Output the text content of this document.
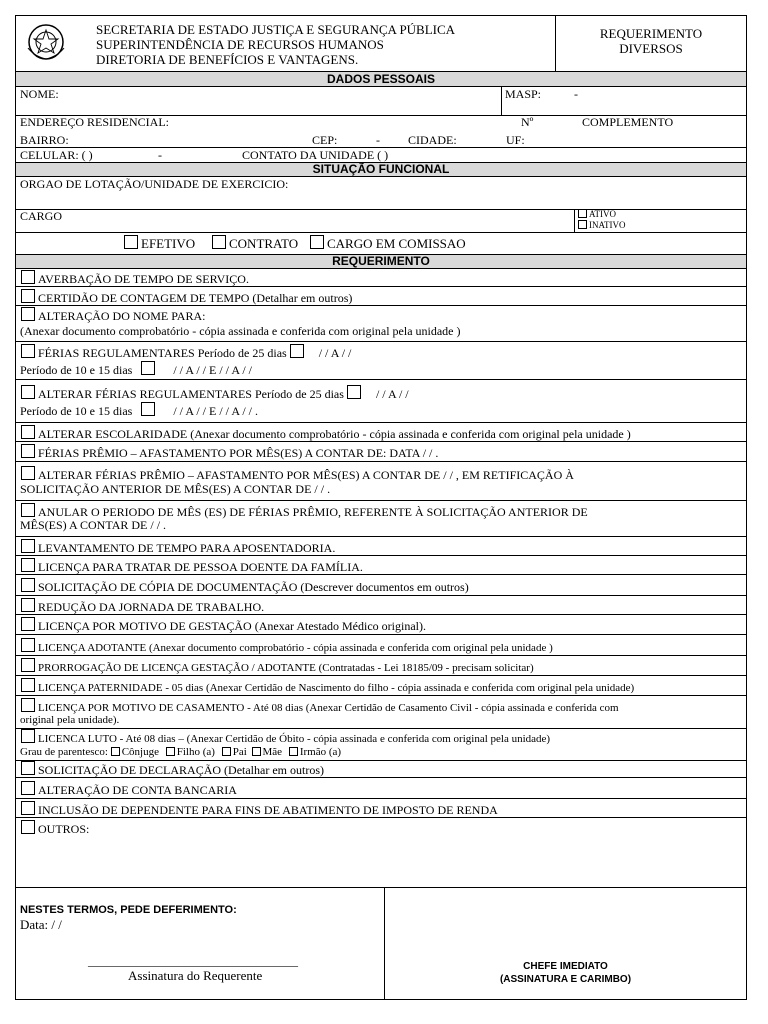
SECRETARIA DE ESTADO JUSTIÇA E SEGURANÇA PÚBLICA
SUPERINTENDÊNCIA DE RECURSOS HUMANOS
DIRETORIA DE BENEFÍCIOS E VANTAGENS.
REQUERIMENTO
DIVERSOS
DADOS PESSOAIS
NOME:	MASP:	-
ENDEREÇO RESIDENCIAL:	Nº	COMPLEMENTO
BAIRRO:	CEP:	- CIDADE:	UF:
CELULAR: ( )	-	CONTATO DA UNIDADE ( )
SITUAÇÃO FUNCIONAL
ORGAO DE LOTAÇÃO/UNIDADE DE EXERCICIO:
CARGO	ATIVO
INATIVO
EFETIVO	CONTRATO	CARGO EM COMISSAO
REQUERIMENTO
AVERBAÇÃO DE TEMPO DE SERVIÇO.
CERTIDÃO DE CONTAGEM DE TEMPO (Detalhar em outros)
ALTERAÇÃO DO NOME PARA:
(Anexar documento comprobatório - cópia assinada e conferida com original pela unidade )
FÉRIAS REGULAMENTARES Período de 25 dias	/ / A / /
Período de 10 e 15 dias	/ / A / / E / / A / /
ALTERAR FÉRIAS REGULAMENTARES Período de 25 dias	/ / A / /
Período de 10 e 15 dias	/ / A / / E / / A / / .
ALTERAR ESCOLARIDADE (Anexar documento comprobatório - cópia assinada e conferida com original pela unidade )
FÉRIAS PRÊMIO – AFASTAMENTO POR MÊS(ES) A CONTAR DE: DATA / / .
ALTERAR FÉRIAS PRÊMIO – AFASTAMENTO POR MÊS(ES) A CONTAR DE / / , EM RETIFICAÇÃO À
SOLICITAÇÃO ANTERIOR DE MÊS(ES) A CONTAR DE / / .
ANULAR O PERIODO DE MÊS (ES) DE FÉRIAS PRÊMIO, REFERENTE À SOLICITAÇÃO ANTERIOR DE
MÊS(ES) A CONTAR DE / / .
LEVANTAMENTO DE TEMPO PARA APOSENTADORIA.
LICENÇA PARA TRATAR DE PESSOA DOENTE DA FAMÍLIA.
SOLICITAÇÃO DE CÓPIA DE DOCUMENTAÇÃO (Descrever documentos em outros)
REDUÇÃO DA JORNADA DE TRABALHO.
LICENÇA POR MOTIVO DE GESTAÇÃO (Anexar Atestado Médico original).
LICENÇA ADOTANTE (Anexar documento comprobatório - cópia assinada e conferida com original pela unidade )
PRORROGAÇÃO DE LICENÇA GESTAÇÃO / ADOTANTE (Contratadas - Lei 18185/09 - precisam solicitar)
LICENÇA PATERNIDADE - 05 dias (Anexar Certidão de Nascimento do filho - cópia assinada e conferida com original pela unidade)
LICENÇA POR MOTIVO DE CASAMENTO - Até 08 dias (Anexar Certidão de Casamento Civil - cópia assinada e conferida com
original pela unidade).
LICENCA LUTO - Até 08 dias – (Anexar Certidão de Óbito - cópia assinada e conferida com original pela unidade)
Grau de parentesco: Cônjuge Filho (a) Pai Mãe Irmão (a)
SOLICITAÇÃO DE DECLARAÇÃO (Detalhar em outros)
ALTERAÇÃO DE CONTA BANCARIA
INCLUSÃO DE DEPENDENTE PARA FINS DE ABATIMENTO DE IMPOSTO DE RENDA
OUTROS:
NESTES TERMOS, PEDE DEFERIMENTO:
Data: / /
___________________________________
Assinatura do Requerente
CHEFE IMEDIATO
(ASSINATURA E CARIMBO)
